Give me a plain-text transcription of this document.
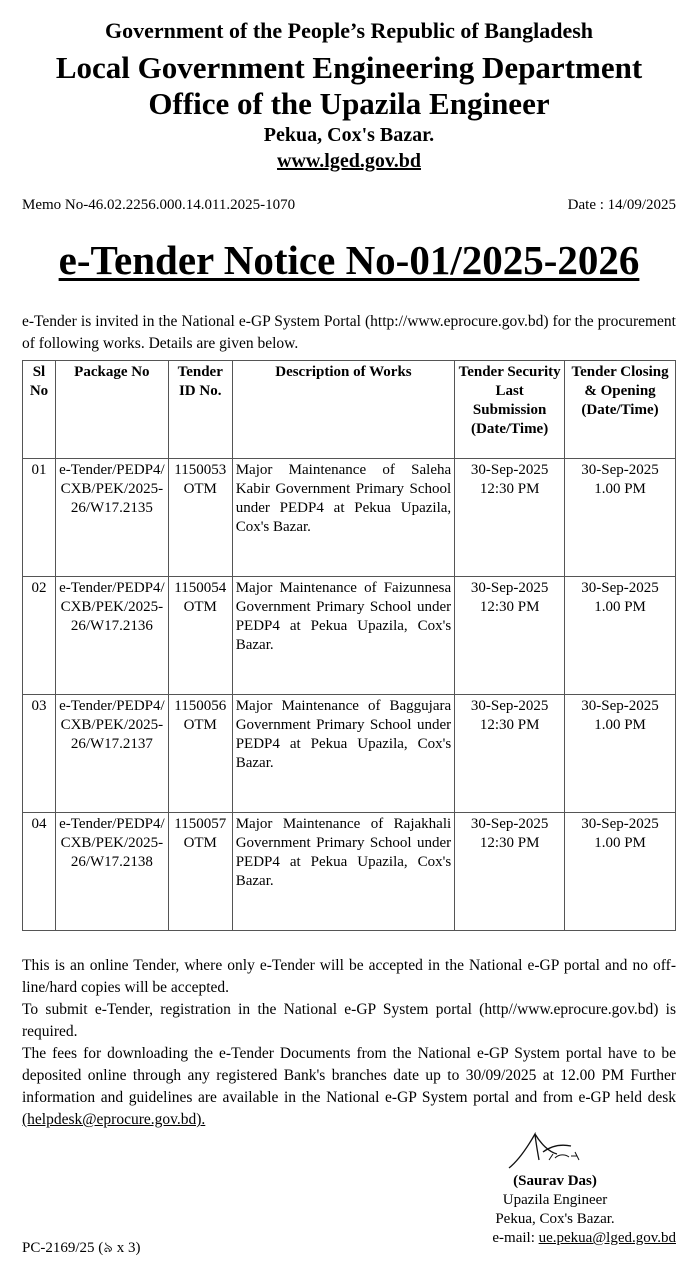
Government of the People’s Republic of Bangladesh
Local Government Engineering Department
Office of the Upazila Engineer
Pekua, Cox's Bazar.
www.lged.gov.bd
Memo No-46.02.2256.000.14.011.2025-1070	Date : 14/09/2025
e-Tender Notice No-01/2025-2026
e-Tender is invited in the National e-GP System Portal (http://www.eprocure.gov.bd) for the procurement of following works. Details are given below.
Sl No	Package No	Tender ID No.	Description of Works	Tender Security Last Submission (Date/Time)	Tender Closing & Opening (Date/Time)
01	e-Tender/PEDP4/CXB/PEK/2025-26/W17.2135	1150053 OTM	Major Maintenance of Saleha Kabir Government Primary School under PEDP4 at Pekua Upazila, Cox's Bazar.	30-Sep-2025 12:30 PM	30-Sep-2025 1.00 PM
02	e-Tender/PEDP4/CXB/PEK/2025-26/W17.2136	1150054 OTM	Major Maintenance of Faizunnesa Government Primary School under PEDP4 at Pekua Upazila, Cox's Bazar.	30-Sep-2025 12:30 PM	30-Sep-2025 1.00 PM
03	e-Tender/PEDP4/CXB/PEK/2025-26/W17.2137	1150056 OTM	Major Maintenance of Baggujara Government Primary School under PEDP4 at Pekua Upazila, Cox's Bazar.	30-Sep-2025 12:30 PM	30-Sep-2025 1.00 PM
04	e-Tender/PEDP4/CXB/PEK/2025-26/W17.2138	1150057 OTM	Major Maintenance of Rajakhali Government Primary School under PEDP4 at Pekua Upazila, Cox's Bazar.	30-Sep-2025 12:30 PM	30-Sep-2025 1.00 PM

This is an online Tender, where only e-Tender will be accepted in the National e-GP portal and no off-line/hard copies will be accepted.

To submit e-Tender, registration in the National e-GP System portal (http//www.eprocure.gov.bd) is required.

The fees for downloading the e-Tender Documents from the National e-GP System portal have to be deposited online through any registered Bank's branches date up to 30/09/2025 at 12.00 PM Further information and guidelines are available in the National e-GP System portal and from e-GP held desk (helpdesk@eprocure.gov.bd).

(Saurav Das)
Upazila Engineer
Pekua, Cox's Bazar.
e-mail: ue.pekua@lged.gov.bd
PC-2169/25 (৯ x 3)
